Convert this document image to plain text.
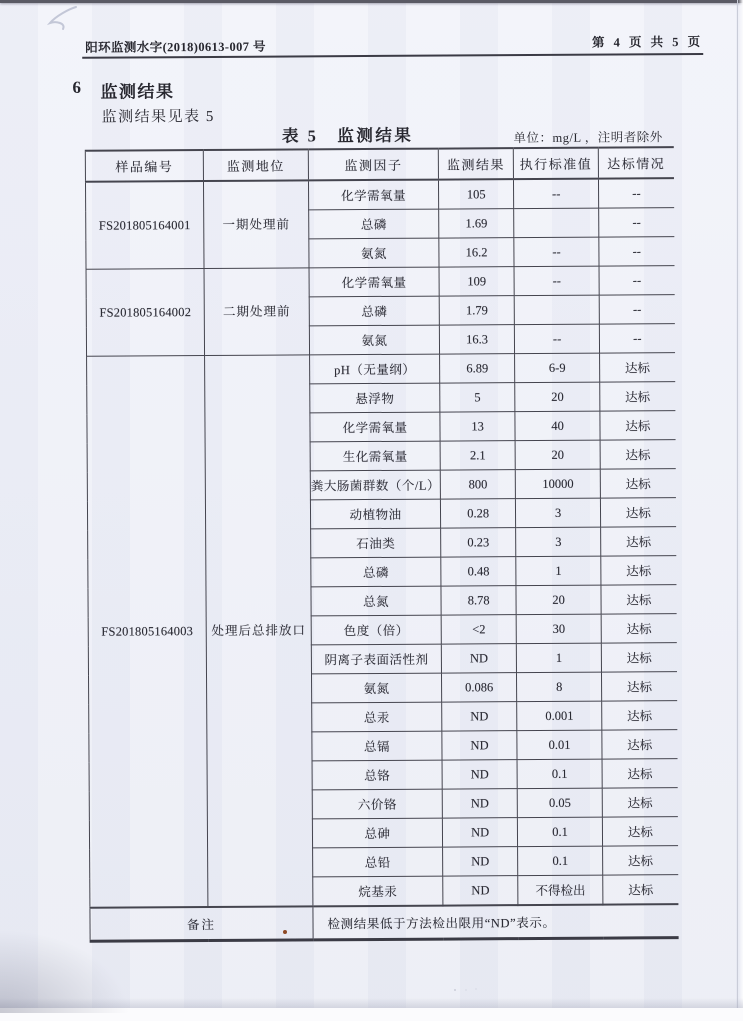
阳环监测水字(2018)0613-007 号	第 4 页 共 5 页
6 监测结果
监测结果见表 5
表 5　监测结果	单位：mg/L ，注明者除外
样品编号	监测地位	监测因子	监测结果	执行标准值	达标情况
FS201805164001	一期处理前	化学需氧量	105	--	--
		总磷	1.69		--
		氨氮	16.2	--	--
FS201805164002	二期处理前	化学需氧量	109	--	--
		总磷	1.79		--
		氨氮	16.3	--	--
FS201805164003	处理后总排放口	pH（无量纲）	6.89	6-9	达标
		悬浮物	5	20	达标
		化学需氧量	13	40	达标
		生化需氧量	2.1	20	达标
		粪大肠菌群数（个/L）	800	10000	达标
		动植物油	0.28	3	达标
		石油类	0.23	3	达标
		总磷	0.48	1	达标
		总氮	8.78	20	达标
		色度（倍）	<2	30	达标
		阴离子表面活性剂	ND	1	达标
		氨氮	0.086	8	达标
		总汞	ND	0.001	达标
		总镉	ND	0.01	达标
		总铬	ND	0.1	达标
		六价铬	ND	0.05	达标
		总砷	ND	0.1	达标
		总铅	ND	0.1	达标
		烷基汞	ND	不得检出	达标
备注		检测结果低于方法检出限用“ND”表示。			
